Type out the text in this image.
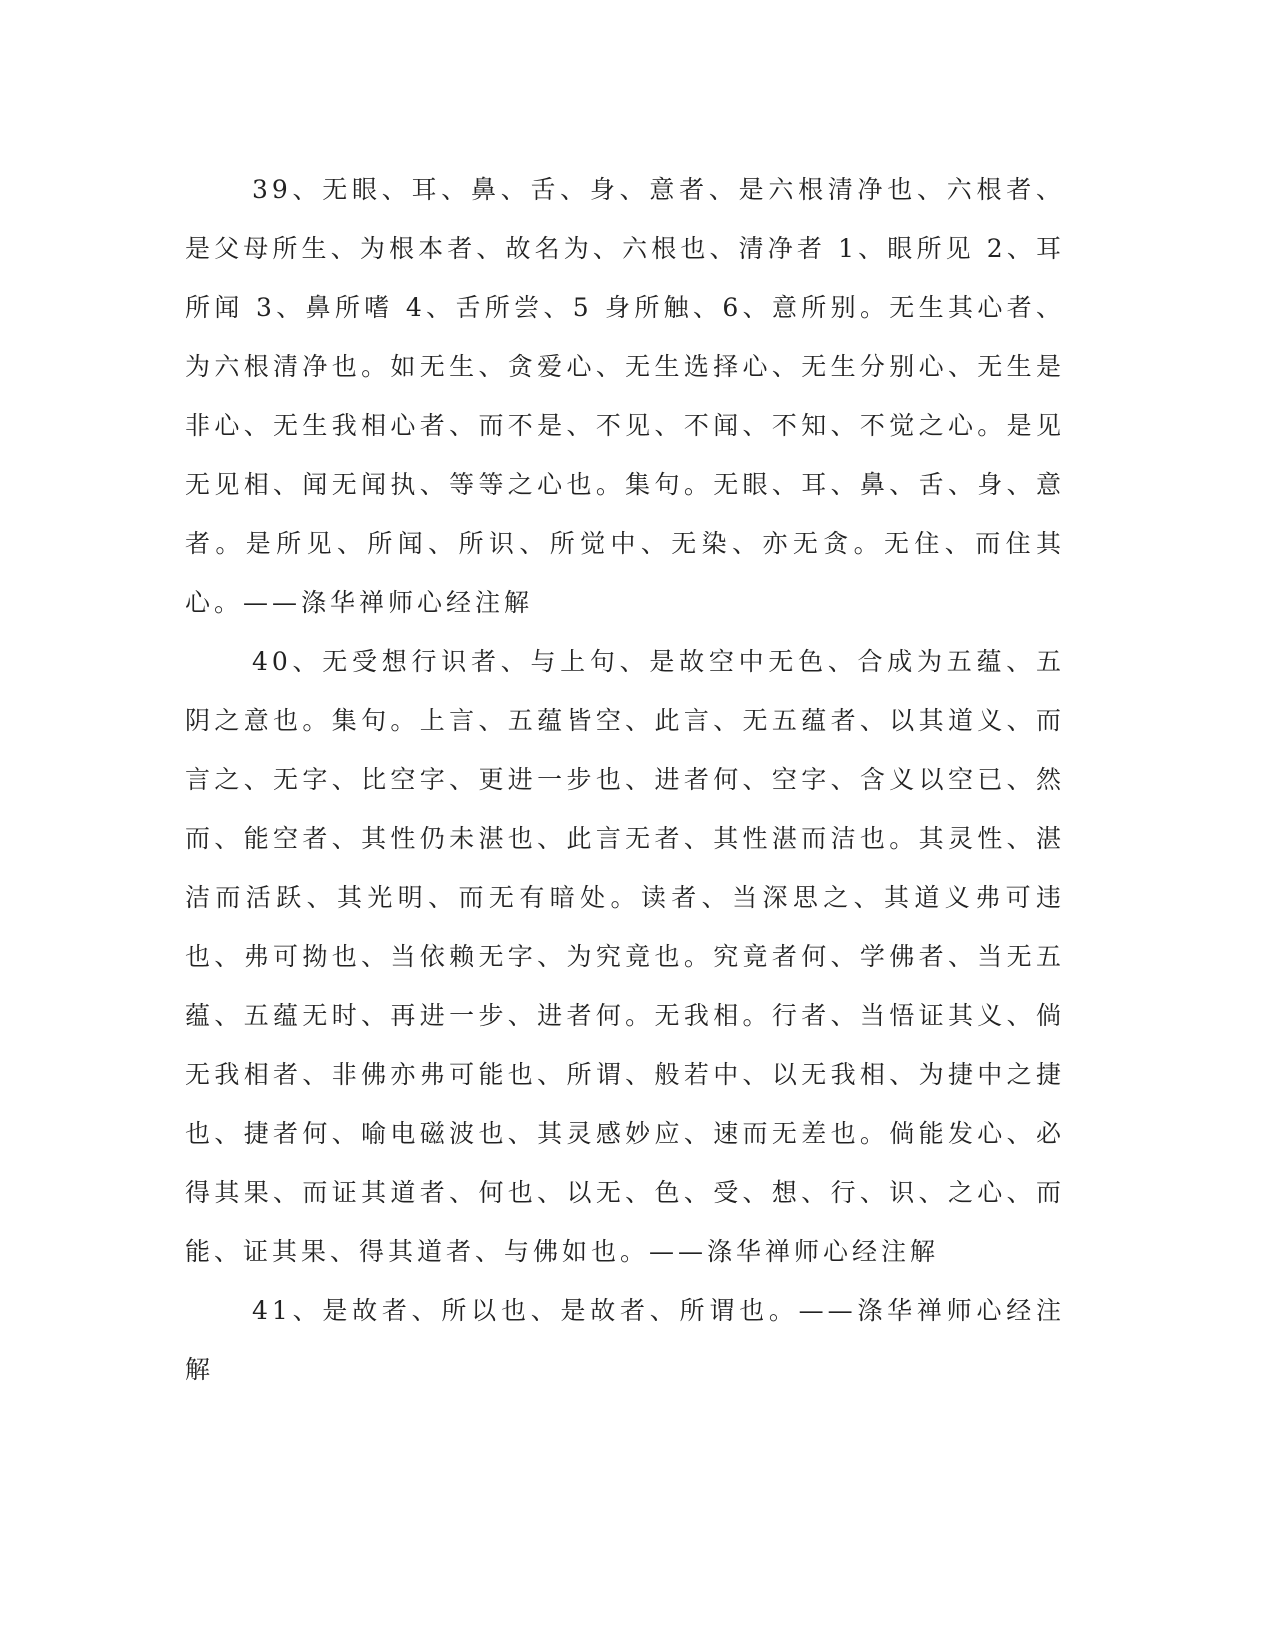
39、无眼、耳、鼻、舌、身、意者、是六根清净也、六根者、是父母所生、为根本者、故名为、六根也、清净者 1、眼所见 2、耳所闻 3、鼻所嗜 4、舌所尝、5 身所触、6、意所别。无生其心者、为六根清净也。如无生、贪爱心、无生选择心、无生分别心、无生是非心、无生我相心者、而不是、不见、不闻、不知、不觉之心。是见无见相、闻无闻执、等等之心也。集句。无眼、耳、鼻、舌、身、意者。是所见、所闻、所识、所觉中、无染、亦无贪。无住、而住其心。——涤华禅师心经注解

40、无受想行识者、与上句、是故空中无色、合成为五蕴、五阴之意也。集句。上言、五蕴皆空、此言、无五蕴者、以其道义、而言之、无字、比空字、更进一步也、进者何、空字、含义以空已、然而、能空者、其性仍未湛也、此言无者、其性湛而洁也。其灵性、湛洁而活跃、其光明、而无有暗处。读者、当深思之、其道义弗可违也、弗可拗也、当依赖无字、为究竟也。究竟者何、学佛者、当无五蕴、五蕴无时、再进一步、进者何。无我相。行者、当悟证其义、倘无我相者、非佛亦弗可能也、所谓、般若中、以无我相、为捷中之捷也、捷者何、喻电磁波也、其灵感妙应、速而无差也。倘能发心、必得其果、而证其道者、何也、以无、色、受、想、行、识、之心、而能、证其果、得其道者、与佛如也。——涤华禅师心经注解

41、是故者、所以也、是故者、所谓也。——涤华禅师心经注解
